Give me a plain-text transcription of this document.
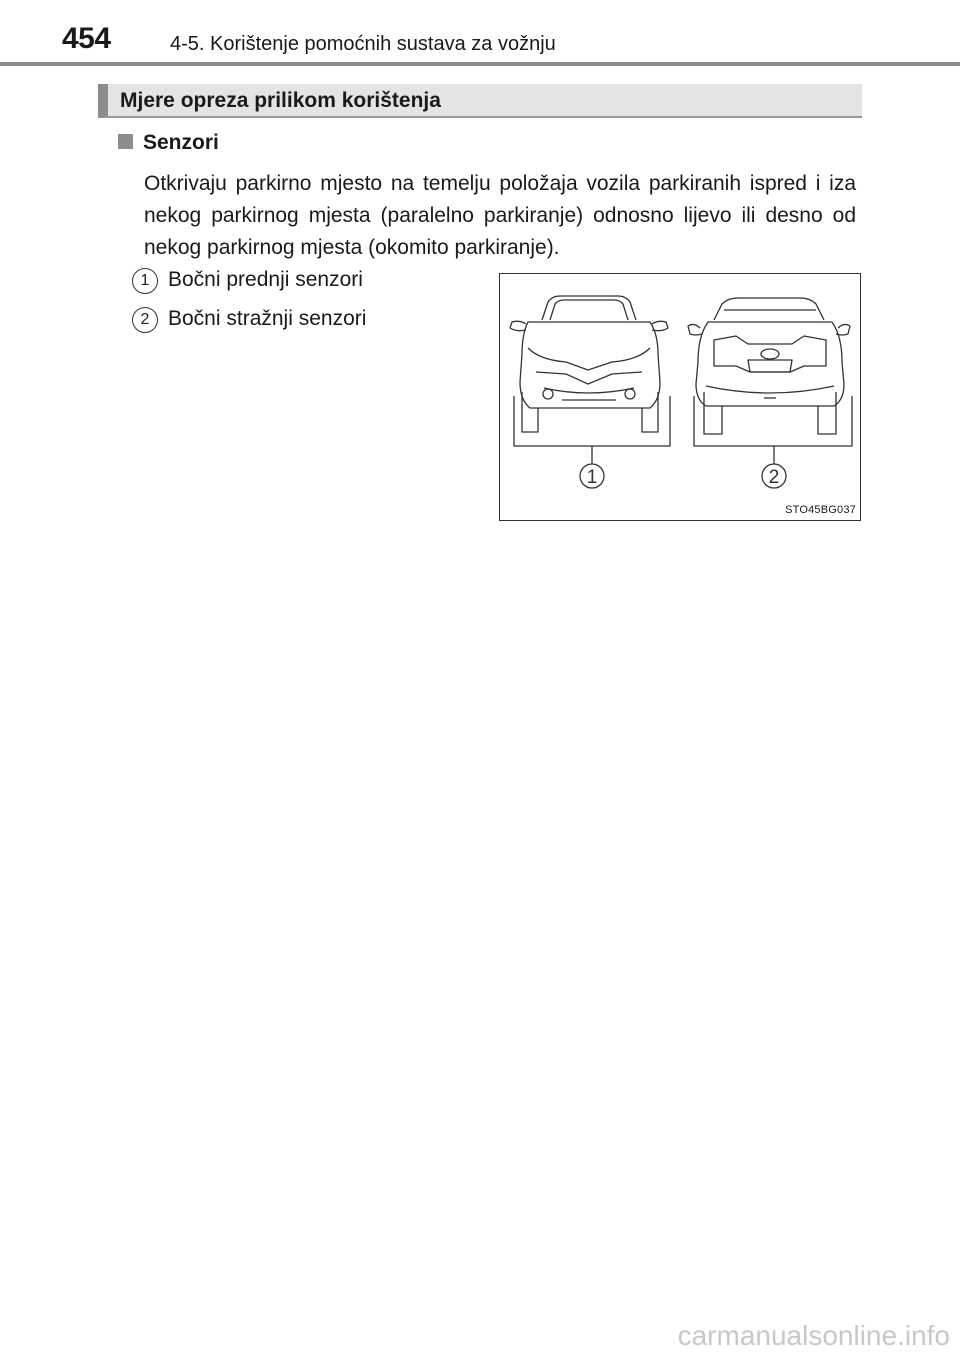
454	4-5. Korištenje pomoćnih sustava za vožnju
Mjere opreza prilikom korištenja
Senzori
Otkrivaju parkirno mjesto na temelju položaja vozila parkiranih ispred i iza nekog parkirnog mjesta (paralelno parkiranje) odnosno lijevo ili desno od nekog parkirnog mjesta (okomito parkiranje).
1 Bočni prednji senzori
2 Bočni stražnji senzori
1	2
STO45BG037
carmanualsonline.info
